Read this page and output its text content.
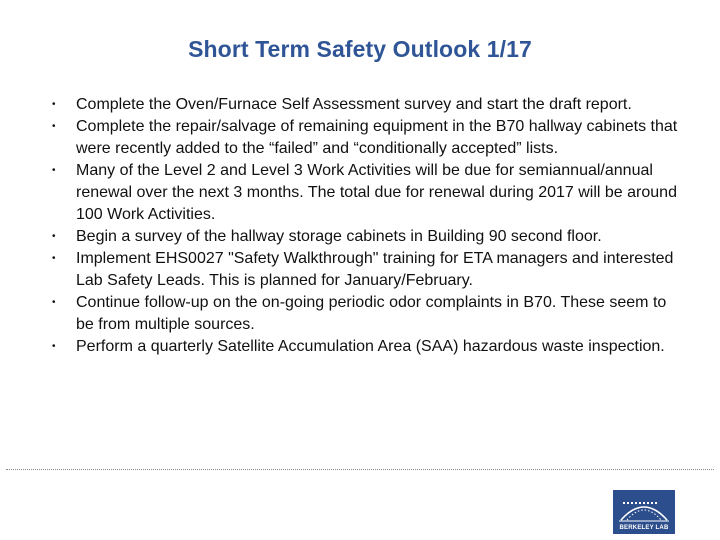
Short Term Safety Outlook 1/17
• Complete the Oven/Furnace Self Assessment survey and start the draft report.
• Complete the repair/salvage of remaining equipment in the B70 hallway cabinets that were recently added to the “failed” and “conditionally accepted” lists.
• Many of the Level 2 and Level 3 Work Activities will be due for semiannual/annual renewal over the next 3 months. The total due for renewal during 2017 will be around 100 Work Activities.
• Begin a survey of the hallway storage cabinets in Building 90 second floor.
• Implement EHS0027 "Safety Walkthrough" training for ETA managers and interested Lab Safety Leads. This is planned for January/February.
• Continue follow-up on the on-going periodic odor complaints in B70. These seem to be from multiple sources.
• Perform a quarterly Satellite Accumulation Area (SAA) hazardous waste inspection.
BERKELEY LAB
